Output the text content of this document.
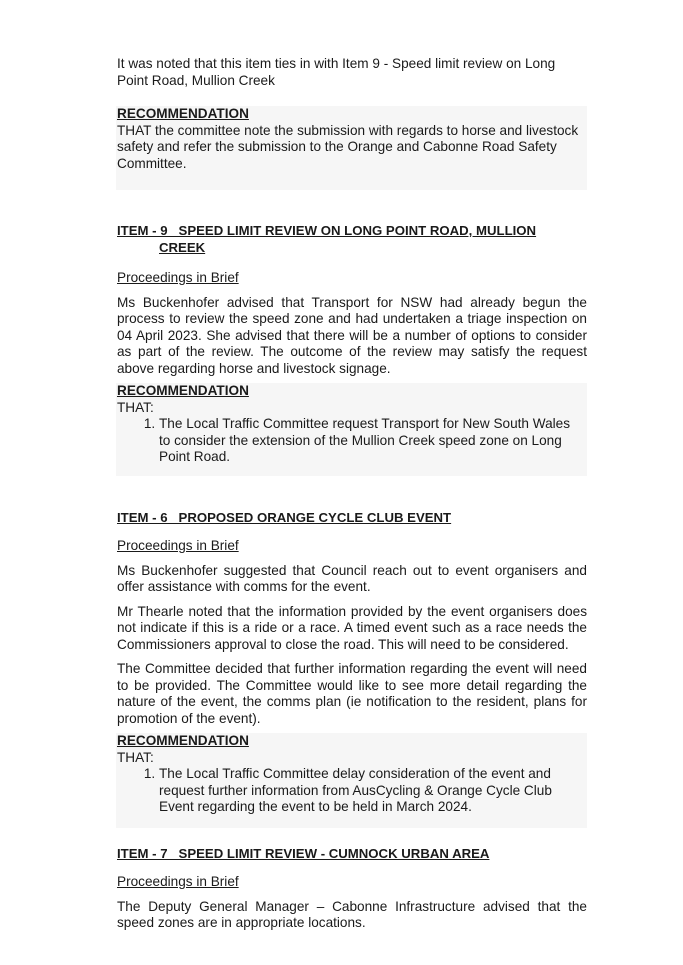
It was noted that this item ties in with Item 9 - Speed limit review on Long Point Road, Mullion Creek

RECOMMENDATION

THAT the committee note the submission with regards to horse and livestock safety and refer the submission to the Orange and Cabonne Road Safety Committee.

ITEM - 9   SPEED LIMIT REVIEW ON LONG POINT ROAD, MULLION
CREEK

Proceedings in Brief

Ms Buckenhofer advised that Transport for NSW had already begun the process to review the speed zone and had undertaken a triage inspection on 04 April 2023. She advised that there will be a number of options to consider as part of the review. The outcome of the review may satisfy the request above regarding horse and livestock signage.

RECOMMENDATION

THAT:

1. The Local Traffic Committee request Transport for New South Wales to consider the extension of the Mullion Creek speed zone on Long Point Road.
ITEM - 6   PROPOSED ORANGE CYCLE CLUB EVENT

Proceedings in Brief

Ms Buckenhofer suggested that Council reach out to event organisers and offer assistance with comms for the event.

Mr Thearle noted that the information provided by the event organisers does not indicate if this is a ride or a race. A timed event such as a race needs the Commissioners approval to close the road. This will need to be considered.

The Committee decided that further information regarding the event will need to be provided. The Committee would like to see more detail regarding the nature of the event, the comms plan (ie notification to the resident, plans for promotion of the event).

RECOMMENDATION

THAT:

1. The Local Traffic Committee delay consideration of the event and request further information from AusCycling & Orange Cycle Club Event regarding the event to be held in March 2024.
ITEM - 7   SPEED LIMIT REVIEW - CUMNOCK URBAN AREA

Proceedings in Brief

The Deputy General Manager – Cabonne Infrastructure advised that the speed zones are in appropriate locations.
